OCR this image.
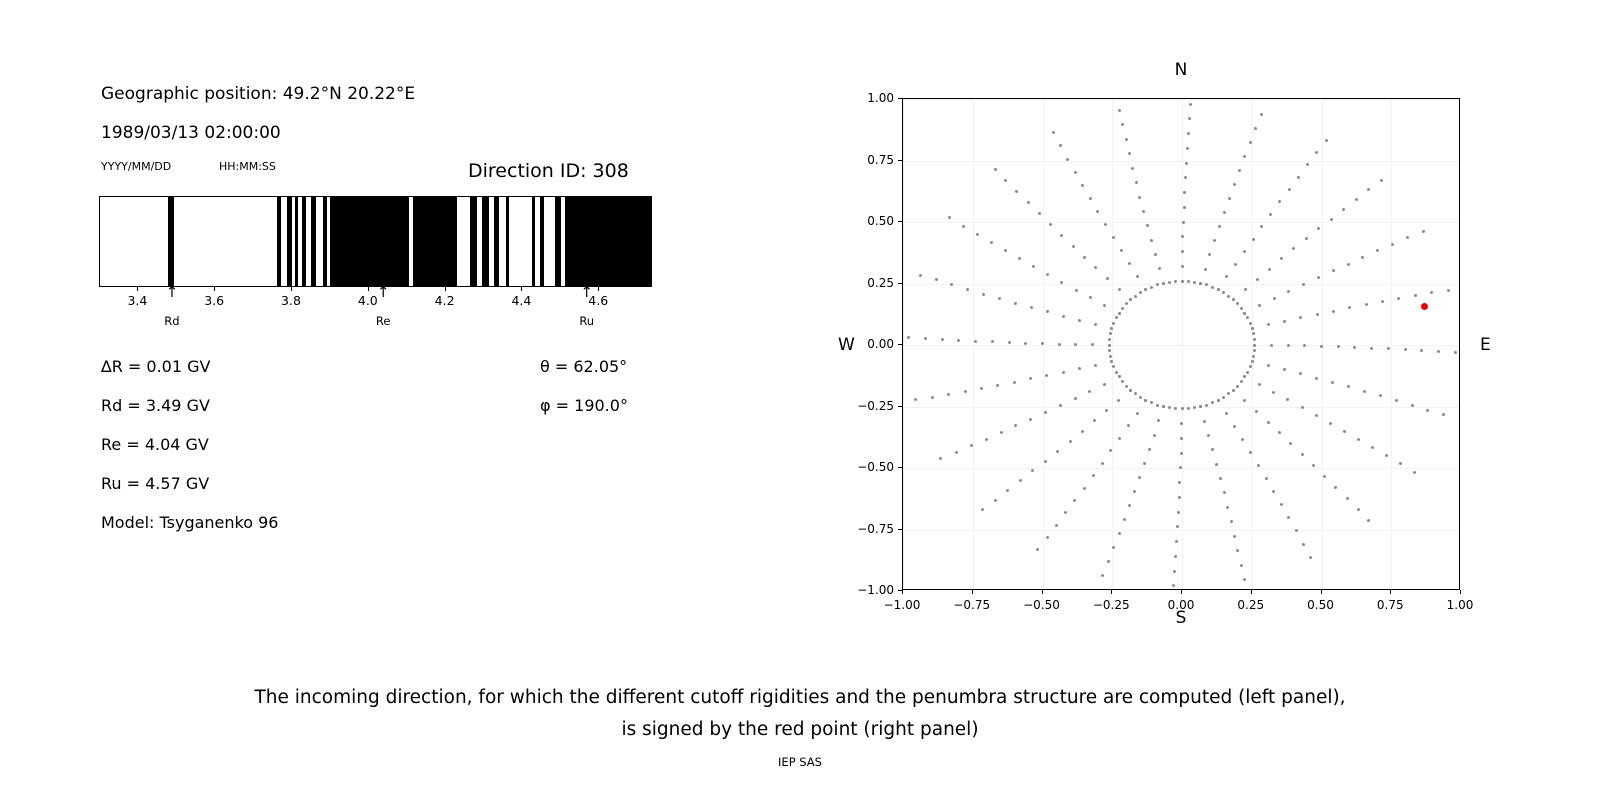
Geographic position: 49.2°N 20.22°E
1989/03/13 02:00:00
YYYY/MM/DD	HH:MM:SS	Direction ID: 308
3.4	3.6	3.8	4.0	4.2	4.4	4.6
↑
Rd
↑
Re
↑
Ru
∆R = 0.01 GV
Rd = 3.49 GV
Re = 4.04 GV
Ru = 4.57 GV
Model: Tsyganenko 96
θ = 62.05°
φ = 190.0°
N
S
W	E
−1.00	−0.75	−0.50	−0.25	0.00	0.25	0.50	0.75	1.00
−1.00
−0.75
−0.50
−0.25
0.00
0.25
0.50
0.75
1.00
The incoming direction, for which the different cutoff rigidities and the penumbra structure are computed (left panel),
is signed by the red point (right panel)
IEP SAS
